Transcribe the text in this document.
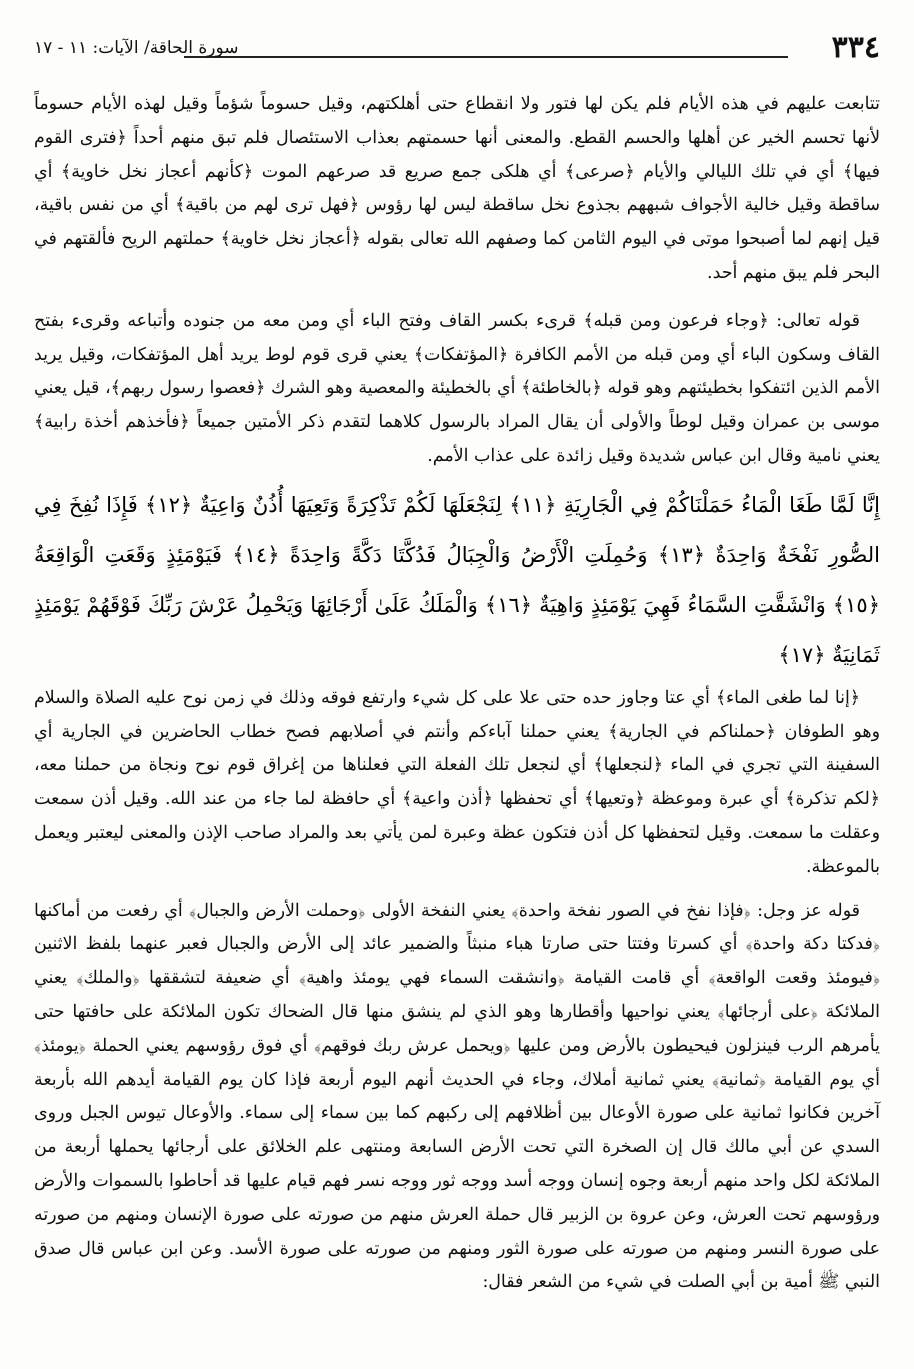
٣٣٤
سورة الحاقة/ الآيات: ١١ - ١٧

تتابعت عليهم في هذه الأيام فلم يكن لها فتور ولا انقطاع حتى أهلكتهم، وقيل حسوماً شؤماً وقيل لهذه الأيام حسوماً لأنها تحسم الخير عن أهلها والحسم القطع. والمعنى أنها حسمتهم بعذاب الاستئصال فلم تبق منهم أحداً ﴿فترى القوم فيها﴾ أي في تلك الليالي والأيام ﴿صرعى﴾ أي هلكى جمع صريع قد صرعهم الموت ﴿كأنهم أعجاز نخل خاوية﴾ أي ساقطة وقيل خالية الأجواف شبههم بجذوع نخل ساقطة ليس لها رؤوس ﴿فهل ترى لهم من باقية﴾ أي من نفس باقية، قيل إنهم لما أصبحوا موتى في اليوم الثامن كما وصفهم الله تعالى بقوله ﴿أعجاز نخل خاوية﴾ حملتهم الريح فألقتهم في البحر فلم يبق منهم أحد.

قوله تعالى: ﴿وجاء فرعون ومن قبله﴾ قرىء بكسر القاف وفتح الباء أي ومن معه من جنوده وأتباعه وقرىء بفتح القاف وسكون الباء أي ومن قبله من الأمم الكافرة ﴿المؤتفكات﴾ يعني قرى قوم لوط يريد أهل المؤتفكات، وقيل يريد الأمم الذين ائتفكوا بخطيئتهم وهو قوله ﴿بالخاطئة﴾ أي بالخطيئة والمعصية وهو الشرك ﴿فعصوا رسول ربهم﴾، قيل يعني موسى بن عمران وقيل لوطاً والأولى أن يقال المراد بالرسول كلاهما لتقدم ذكر الأمتين جميعاً ﴿فأخذهم أخذة رابية﴾ يعني نامية وقال ابن عباس شديدة وقيل زائدة على عذاب الأمم.

إِنَّا لَمَّا طَغَا الْمَاءُ حَمَلْنَاكُمْ فِي الْجَارِيَةِ ﴿١١﴾ لِنَجْعَلَهَا لَكُمْ تَذْكِرَةً وَتَعِيَهَا أُذُنٌ وَاعِيَةٌ ﴿١٢﴾ فَإِذَا نُفِخَ فِي الصُّورِ نَفْخَةٌ وَاحِدَةٌ ﴿١٣﴾ وَحُمِلَتِ الْأَرْضُ وَالْجِبَالُ فَدُكَّتَا دَكَّةً وَاحِدَةً ﴿١٤﴾ فَيَوْمَئِذٍ وَقَعَتِ الْوَاقِعَةُ ﴿١٥﴾ وَانْشَقَّتِ السَّمَاءُ فَهِيَ يَوْمَئِذٍ وَاهِيَةٌ ﴿١٦﴾ وَالْمَلَكُ عَلَىٰ أَرْجَائِهَا وَيَحْمِلُ عَرْشَ رَبِّكَ فَوْقَهُمْ يَوْمَئِذٍ ثَمَانِيَةٌ ﴿١٧﴾

﴿إنا لما طغى الماء﴾ أي عتا وجاوز حده حتى علا على كل شيء وارتفع فوقه وذلك في زمن نوح عليه الصلاة والسلام وهو الطوفان ﴿حملناكم في الجارية﴾ يعني حملنا آباءكم وأنتم في أصلابهم فصح خطاب الحاضرين في الجارية أي السفينة التي تجري في الماء ﴿لنجعلها﴾ أي لنجعل تلك الفعلة التي فعلناها من إغراق قوم نوح ونجاة من حملنا معه، ﴿لكم تذكرة﴾ أي عبرة وموعظة ﴿وتعيها﴾ أي تحفظها ﴿أذن واعية﴾ أي حافظة لما جاء من عند الله. وقيل أذن سمعت وعقلت ما سمعت. وقيل لتحفظها كل أذن فتكون عظة وعبرة لمن يأتي بعد والمراد صاحب الإذن والمعنى ليعتبر ويعمل بالموعظة.

قوله عز وجل: ﴿فإذا نفخ في الصور نفخة واحدة﴾ يعني النفخة الأولى ﴿وحملت الأرض والجبال﴾ أي رفعت من أماكنها ﴿فدكتا دكة واحدة﴾ أي كسرتا وفتتا حتى صارتا هباء منبثاً والضمير عائد إلى الأرض والجبال فعبر عنهما بلفظ الاثنين ﴿فيومئذ وقعت الواقعة﴾ أي قامت القيامة ﴿وانشقت السماء فهي يومئذ واهية﴾ أي ضعيفة لتشققها ﴿والملك﴾ يعني الملائكة ﴿على أرجائها﴾ يعني نواحيها وأقطارها وهو الذي لم ينشق منها قال الضحاك تكون الملائكة على حافتها حتى يأمرهم الرب فينزلون فيحيطون بالأرض ومن عليها ﴿ويحمل عرش ربك فوقهم﴾ أي فوق رؤوسهم يعني الحملة ﴿يومئذ﴾ أي يوم القيامة ﴿ثمانية﴾ يعني ثمانية أملاك، وجاء في الحديث أنهم اليوم أربعة فإذا كان يوم القيامة أيدهم الله بأربعة آخرين فكانوا ثمانية على صورة الأوعال بين أظلافهم إلى ركبهم كما بين سماء إلى سماء. والأوعال تيوس الجبل وروى السدي عن أبي مالك قال إن الصخرة التي تحت الأرض السابعة ومنتهى علم الخلائق على أرجائها يحملها أربعة من الملائكة لكل واحد منهم أربعة وجوه إنسان ووجه أسد ووجه ثور ووجه نسر فهم قيام عليها قد أحاطوا بالسموات والأرض ورؤوسهم تحت العرش، وعن عروة بن الزبير قال حملة العرش منهم من صورته على صورة الإنسان ومنهم من صورته على صورة النسر ومنهم من صورته على صورة الثور ومنهم من صورته على صورة الأسد. وعن ابن عباس قال صدق النبي ﷺ أمية بن أبي الصلت في شيء من الشعر فقال:
